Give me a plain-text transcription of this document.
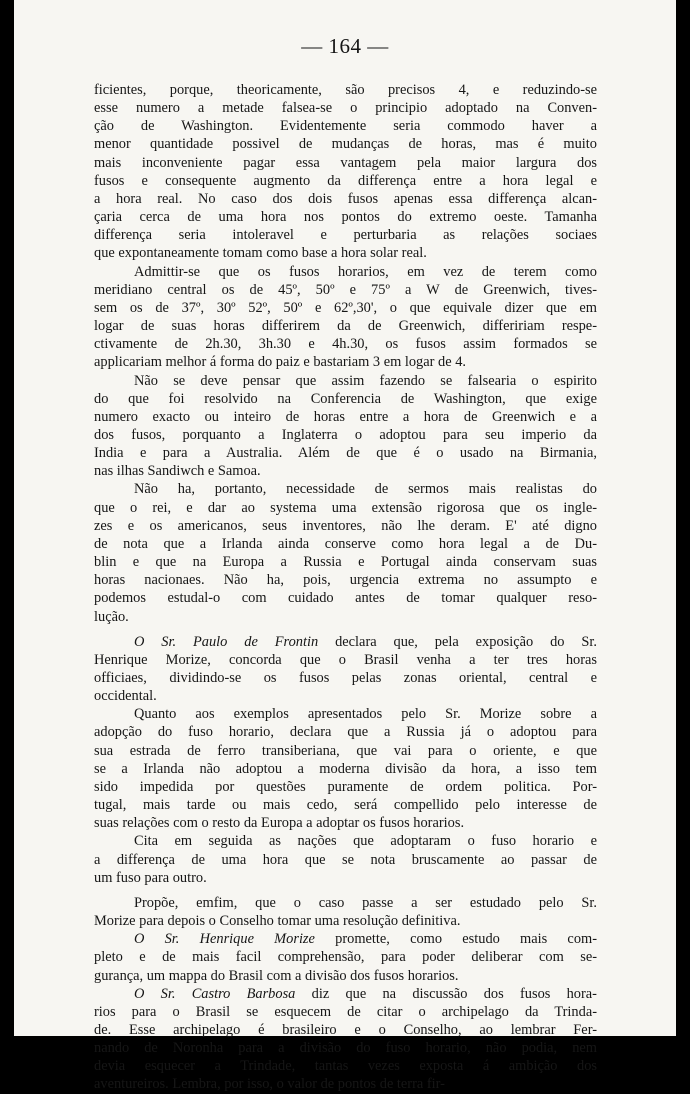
— 164 —
ficientes, porque, theoricamente, são precisos 4, e reduzindo-se
esse numero a metade falsea-se o principio adoptado na Conven-
ção de Washington. Evidentemente seria commodo haver a
menor quantidade possivel de mudanças de horas, mas é muito
mais inconveniente pagar essa vantagem pela maior largura dos
fusos e consequente augmento da differença entre a hora legal e
a hora real. No caso dos dois fusos apenas essa differença alcan-
çaria cerca de uma hora nos pontos do extremo oeste. Tamanha
differença seria intoleravel e perturbaria as relações sociaes
que expontaneamente tomam como base a hora solar real.
Admittir-se que os fusos horarios, em vez de terem como
meridiano central os de 45º, 50º e 75º a W de Greenwich, tives-
sem os de 37º, 30º 52º, 50º e 62º,30', o que equivale dizer que em
logar de suas horas differirem da de Greenwich, differiriam respe-
ctivamente de 2h.30, 3h.30 e 4h.30, os fusos assim formados se
applicariam melhor á forma do paiz e bastariam 3 em logar de 4.
Não se deve pensar que assim fazendo se falsearia o espirito
do que foi resolvido na Conferencia de Washington, que exige
numero exacto ou inteiro de horas entre a hora de Greenwich e a
dos fusos, porquanto a Inglaterra o adoptou para seu imperio da
India e para a Australia. Além de que é o usado na Birmania,
nas ilhas Sandiwch e Samoa.
Não ha, portanto, necessidade de sermos mais realistas do
que o rei, e dar ao systema uma extensão rigorosa que os ingle-
zes e os americanos, seus inventores, não lhe deram. E' até digno
de nota que a Irlanda ainda conserve como hora legal a de Du-
blin e que na Europa a Russia e Portugal ainda conservam suas
horas nacionaes. Não ha, pois, urgencia extrema no assumpto e
podemos estudal-o com cuidado antes de tomar qualquer reso-
lução.
O Sr. Paulo de Frontin declara que, pela exposição do Sr.
Henrique Morize, concorda que o Brasil venha a ter tres horas
officiaes, dividindo-se os fusos pelas zonas oriental, central e
occidental.
Quanto aos exemplos apresentados pelo Sr. Morize sobre a
adopção do fuso horario, declara que a Russia já o adoptou para
sua estrada de ferro transiberiana, que vai para o oriente, e que
se a Irlanda não adoptou a moderna divisão da hora, a isso tem
sido impedida por questões puramente de ordem politica. Por-
tugal, mais tarde ou mais cedo, será compellido pelo interesse de
suas relações com o resto da Europa a adoptar os fusos horarios.
Cita em seguida as nações que adoptaram o fuso horario e
a differença de uma hora que se nota bruscamente ao passar de
um fuso para outro.
Propõe, emfim, que o caso passe a ser estudado pelo Sr.
Morize para depois o Conselho tomar uma resolução definitiva.
O Sr. Henrique Morize promette, como estudo mais com-
pleto e de mais facil comprehensão, para poder deliberar com se-
gurança, um mappa do Brasil com a divisão dos fusos horarios.
O Sr. Castro Barbosa diz que na discussão dos fusos hora-
rios para o Brasil se esquecem de citar o archipelago da Trinda-
de. Esse archipelago é brasileiro e o Conselho, ao lembrar Fer-
nando de Noronha para a divisão do fuso horario, não podia, nem
devia esquecer a Trindade, tantas vezes exposta á ambição dos
aventureiros. Lembra, por isso, o valor de pontos de terra fir-
